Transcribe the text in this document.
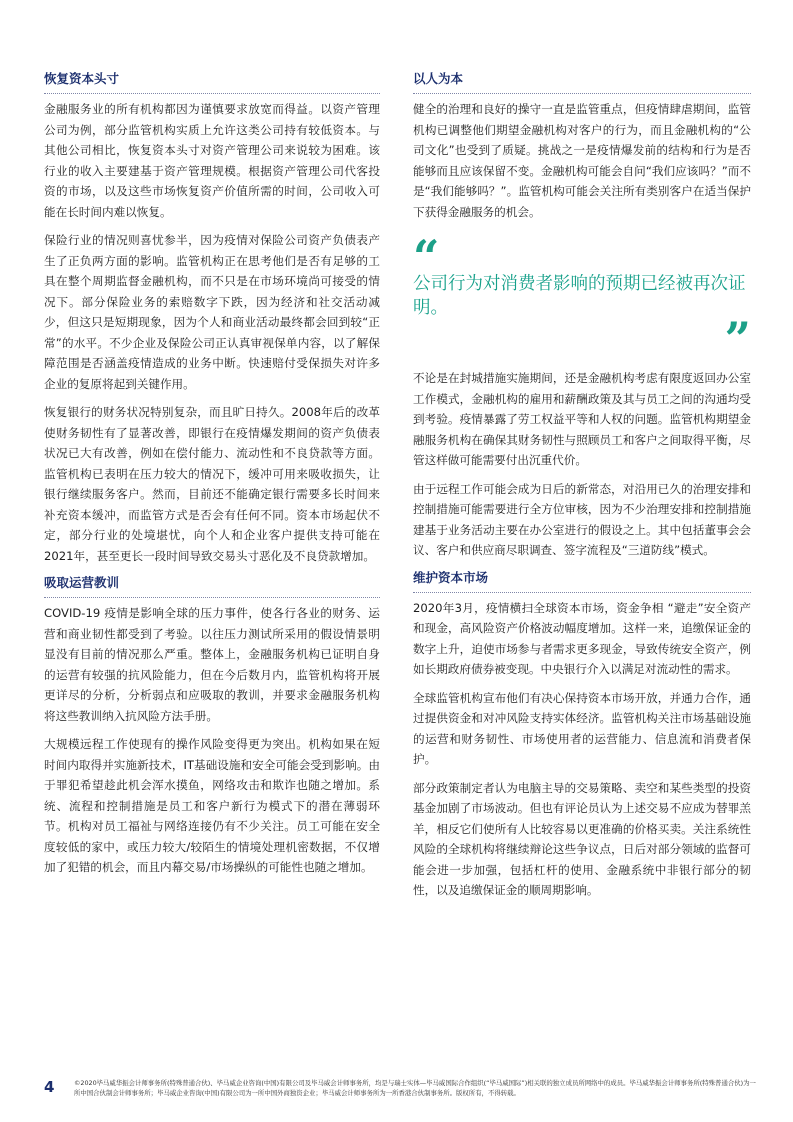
恢复资本头寸

金融服务业的所有机构都因为谨慎要求放宽而得益。以资产管理公司为例，部分监管机构实质上允许这类公司持有较低资本。与其他公司相比，恢复资本头寸对资产管理公司来说较为困难。该行业的收入主要建基于资产管理规模。根据资产管理公司代客投资的市场，以及这些市场恢复资产价值所需的时间，公司收入可能在长时间内难以恢复。

保险行业的情况则喜忧参半，因为疫情对保险公司资产负债表产生了正负两方面的影响。监管机构正在思考他们是否有足够的工具在整个周期监督金融机构，而不只是在市场环境尚可接受的情况下。部分保险业务的索赔数字下跌，因为经济和社交活动减少，但这只是短期现象，因为个人和商业活动最终都会回到较“正常”的水平。不少企业及保险公司正认真审视保单内容，以了解保障范围是否涵盖疫情造成的业务中断。快速赔付受保损失对许多企业的复原将起到关键作用。

恢复银行的财务状况特别复杂，而且旷日持久。2008年后的改革使财务韧性有了显著改善，即银行在疫情爆发期间的资产负债表状况已大有改善，例如在偿付能力、流动性和不良贷款等方面。监管机构已表明在压力较大的情况下，缓冲可用来吸收损失，让银行继续服务客户。然而，目前还不能确定银行需要多长时间来补充资本缓冲，而监管方式是否会有任何不同。资本市场起伏不定，部分行业的处境堪忧，向个人和企业客户提供支持可能在2021年，甚至更长一段时间导致交易头寸恶化及不良贷款增加。

吸取运营教训

COVID-19 疫情是影响全球的压力事件，使各行各业的财务、运营和商业韧性都受到了考验。以往压力测试所采用的假设情景明显没有目前的情况那么严重。整体上，金融服务机构已证明自身的运营有较强的抗风险能力，但在今后数月内，监管机构将开展更详尽的分析，分析弱点和应吸取的教训，并要求金融服务机构将这些教训纳入抗风险方法手册。

大规模远程工作使现有的操作风险变得更为突出。机构如果在短时间内取得并实施新技术，IT基础设施和安全可能会受到影响。由于罪犯希望趁此机会浑水摸鱼，网络攻击和欺诈也随之增加。系统、流程和控制措施是员工和客户新行为模式下的潜在薄弱环节。机构对员工福祉与网络连接仍有不少关注。员工可能在安全度较低的家中，或压力较大/较陌生的情境处理机密数据，不仅增加了犯错的机会，而且内幕交易/市场操纵的可能性也随之增加。

以人为本

健全的治理和良好的操守一直是监管重点，但疫情肆虐期间，监管机构已调整他们期望金融机构对客户的行为，而且金融机构的“公司文化”也受到了质疑。挑战之一是疫情爆发前的结构和行为是否能够而且应该保留不变。金融机构可能会自问“我们应该吗？”而不是“我们能够吗？”。监管机构可能会关注所有类别客户在适当保护下获得金融服务的机会。

“
公司行为对消费者影响的预期已经被再次证明。
”

不论是在封城措施实施期间，还是金融机构考虑有限度返回办公室工作模式，金融机构的雇用和薪酬政策及其与员工之间的沟通均受到考验。疫情暴露了劳工权益平等和人权的问题。监管机构期望金融服务机构在确保其财务韧性与照顾员工和客户之间取得平衡，尽管这样做可能需要付出沉重代价。

由于远程工作可能会成为日后的新常态，对沿用已久的治理安排和控制措施可能需要进行全方位审核，因为不少治理安排和控制措施建基于业务活动主要在办公室进行的假设之上。其中包括董事会会议、客户和供应商尽职调查、签字流程及“三道防线”模式。

维护资本市场

2020年3月，疫情横扫全球资本市场，资金争相 “避走”安全资产和现金，高风险资产价格波动幅度增加。这样一来，追缴保证金的数字上升，迫使市场参与者需求更多现金，导致传统安全资产，例如长期政府债券被变现。中央银行介入以满足对流动性的需求。

全球监管机构宣布他们有决心保持资本市场开放，并通力合作，通过提供资金和对冲风险支持实体经济。监管机构关注市场基础设施的运营和财务韧性、市场使用者的运营能力、信息流和消费者保护。

部分政策制定者认为电脑主导的交易策略、卖空和某些类型的投资基金加剧了市场波动。但也有评论员认为上述交易不应成为替罪羔羊，相反它们使所有人比较容易以更准确的价格买卖。关注系统性风险的全球机构将继续辩论这些争议点，日后对部分领域的监督可能会进一步加强，包括杠杆的使用、金融系统中非银行部分的韧性，以及追缴保证金的顺周期影响。

4	©2020毕马威华振会计师事务所(特殊普通合伙)、毕马威企业咨询(中国)有限公司及毕马威会计师事务所，均是与瑞士实体—毕马威国际合作组织(“毕马威国际”)相关联的独立成员所网络中的成员。毕马威华振会计师事务所(特殊普通合伙)为一所中国合伙制会计师事务所；毕马威企业咨询(中国)有限公司为一所中国外商独资企业；毕马威会计师事务所为一所香港合伙制事务所。版权所有，不得转载。
